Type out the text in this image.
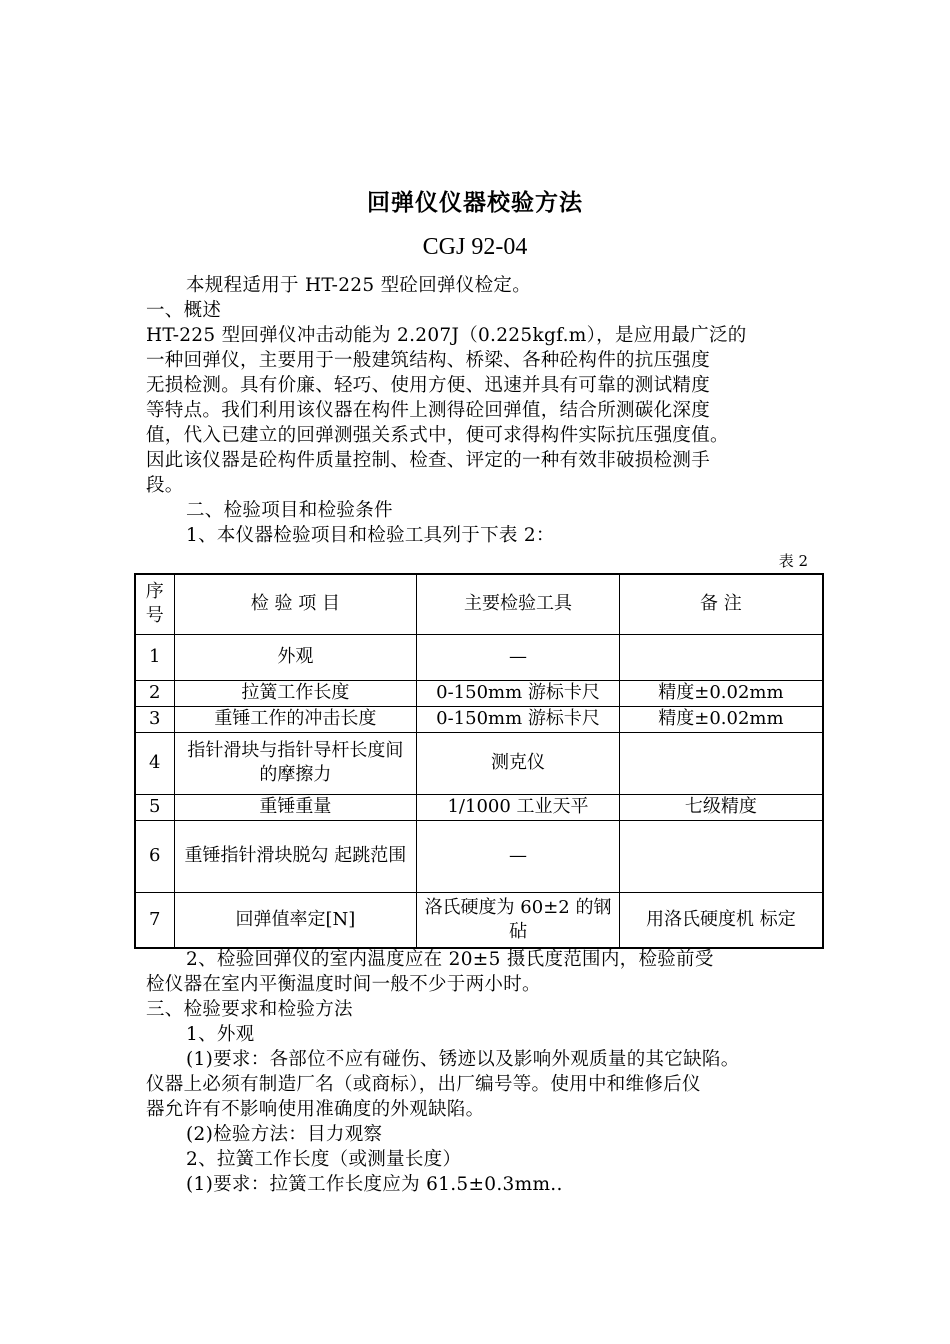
回弹仪仪器校验方法
CGJ 92-04
本规程适用于 HT-225 型砼回弹仪检定。
一、概述
HT-225 型回弹仪冲击动能为 2.207J（0.225kgf.m），是应用最广泛的
一种回弹仪，主要用于一般建筑结构、桥梁、各种砼构件的抗压强度
无损检测。具有价廉、轻巧、使用方便、迅速并具有可靠的测试精度
等特点。我们利用该仪器在构件上测得砼回弹值，结合所测碳化深度
值，代入已建立的回弹测强关系式中，便可求得构件实际抗压强度值。
因此该仪器是砼构件质量控制、检查、评定的一种有效非破损检测手
段。
二、检验项目和检验条件
1、本仪器检验项目和检验工具列于下表 2：
表 2
序号	检 验 项 目	主要检验工具	备 注
1	外观	—	
2	拉簧工作长度	0-150mm 游标卡尺	精度±0.02mm
3	重锤工作的冲击长度	0-150mm 游标卡尺	精度±0.02mm
4	指针滑块与指针导杆长度间的摩擦力	测克仪	
5	重锤重量	1/1000 工业天平	七级精度
6	重锤指针滑块脱勾 起跳范围	—	
7	回弹值率定[N]	洛氏硬度为 60±2 的钢砧	用洛氏硬度机 标定
2、检验回弹仪的室内温度应在 20±5 摄氏度范围内，检验前受
检仪器在室内平衡温度时间一般不少于两小时。
三、检验要求和检验方法
1、外观
(1)要求：各部位不应有碰伤、锈迹以及影响外观质量的其它缺陷。
仪器上必须有制造厂名（或商标），出厂编号等。使用中和维修后仪
器允许有不影响使用准确度的外观缺陷。
(2)检验方法：目力观察
2、拉簧工作长度（或测量长度）
(1)要求：拉簧工作长度应为 61.5±0.3mm..
